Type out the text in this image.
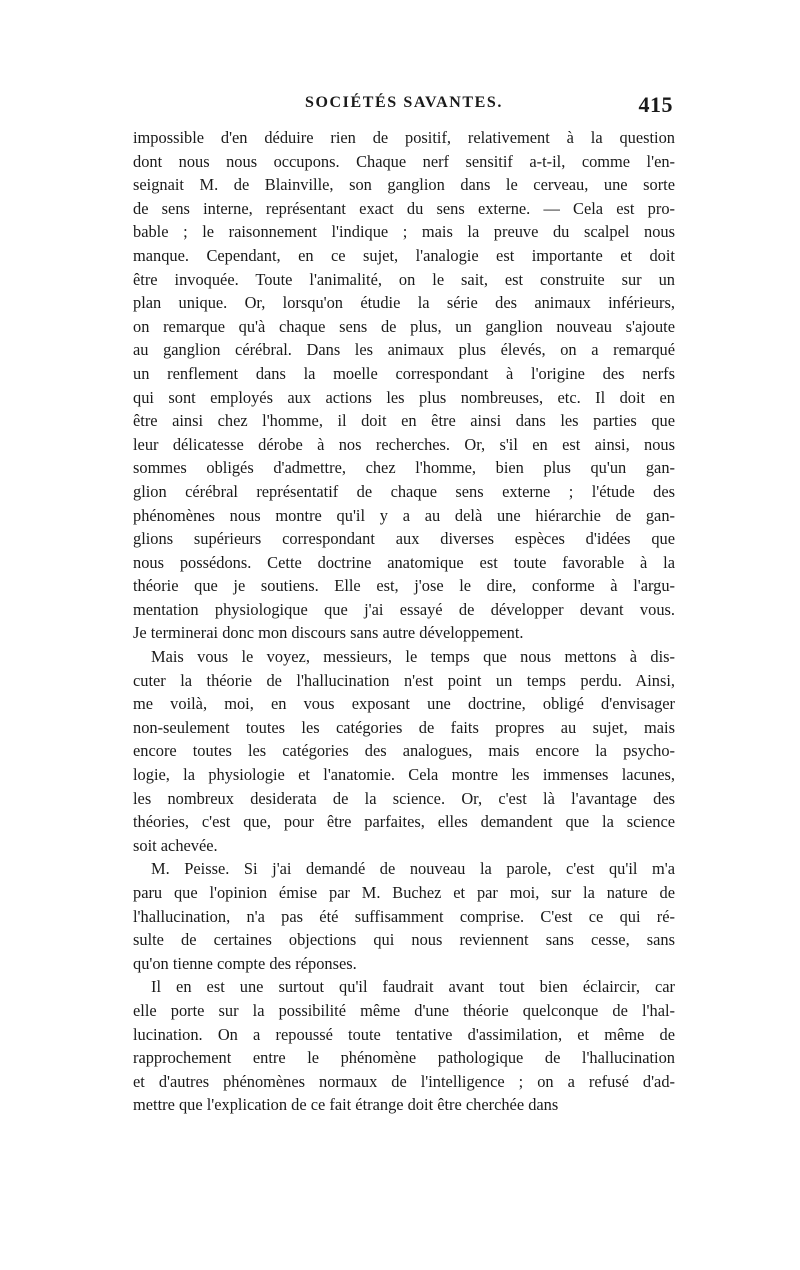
SOCIÉTÉS SAVANTES.	415

impossible d'en déduire rien de positif, relativement à la question
dont nous nous occupons. Chaque nerf sensitif a-t-il, comme l'en-
seignait M. de Blainville, son ganglion dans le cerveau, une sorte
de sens interne, représentant exact du sens externe. — Cela est pro-
bable ; le raisonnement l'indique ; mais la preuve du scalpel nous
manque. Cependant, en ce sujet, l'analogie est importante et doit
être invoquée. Toute l'animalité, on le sait, est construite sur un
plan unique. Or, lorsqu'on étudie la série des animaux inférieurs,
on remarque qu'à chaque sens de plus, un ganglion nouveau s'ajoute
au ganglion cérébral. Dans les animaux plus élevés, on a remarqué
un renflement dans la moelle correspondant à l'origine des nerfs
qui sont employés aux actions les plus nombreuses, etc. Il doit en
être ainsi chez l'homme, il doit en être ainsi dans les parties que
leur délicatesse dérobe à nos recherches. Or, s'il en est ainsi, nous
sommes obligés d'admettre, chez l'homme, bien plus qu'un gan-
glion cérébral représentatif de chaque sens externe ; l'étude des
phénomènes nous montre qu'il y a au delà une hiérarchie de gan-
glions supérieurs correspondant aux diverses espèces d'idées que
nous possédons. Cette doctrine anatomique est toute favorable à la
théorie que je soutiens. Elle est, j'ose le dire, conforme à l'argu-
mentation physiologique que j'ai essayé de développer devant vous.
Je terminerai donc mon discours sans autre développement.

Mais vous le voyez, messieurs, le temps que nous mettons à dis-
cuter la théorie de l'hallucination n'est point un temps perdu. Ainsi,
me voilà, moi, en vous exposant une doctrine, obligé d'envisager
non-seulement toutes les catégories de faits propres au sujet, mais
encore toutes les catégories des analogues, mais encore la psycho-
logie, la physiologie et l'anatomie. Cela montre les immenses lacunes,
les nombreux desiderata de la science. Or, c'est là l'avantage des
théories, c'est que, pour être parfaites, elles demandent que la science
soit achevée.

M. Peisse. Si j'ai demandé de nouveau la parole, c'est qu'il m'a
paru que l'opinion émise par M. Buchez et par moi, sur la nature de
l'hallucination, n'a pas été suffisamment comprise. C'est ce qui ré-
sulte de certaines objections qui nous reviennent sans cesse, sans
qu'on tienne compte des réponses.

Il en est une surtout qu'il faudrait avant tout bien éclaircir, car
elle porte sur la possibilité même d'une théorie quelconque de l'hal-
lucination. On a repoussé toute tentative d'assimilation, et même de
rapprochement entre le phénomène pathologique de l'hallucination
et d'autres phénomènes normaux de l'intelligence ; on a refusé d'ad-
mettre que l'explication de ce fait étrange doit être cherchée dans
